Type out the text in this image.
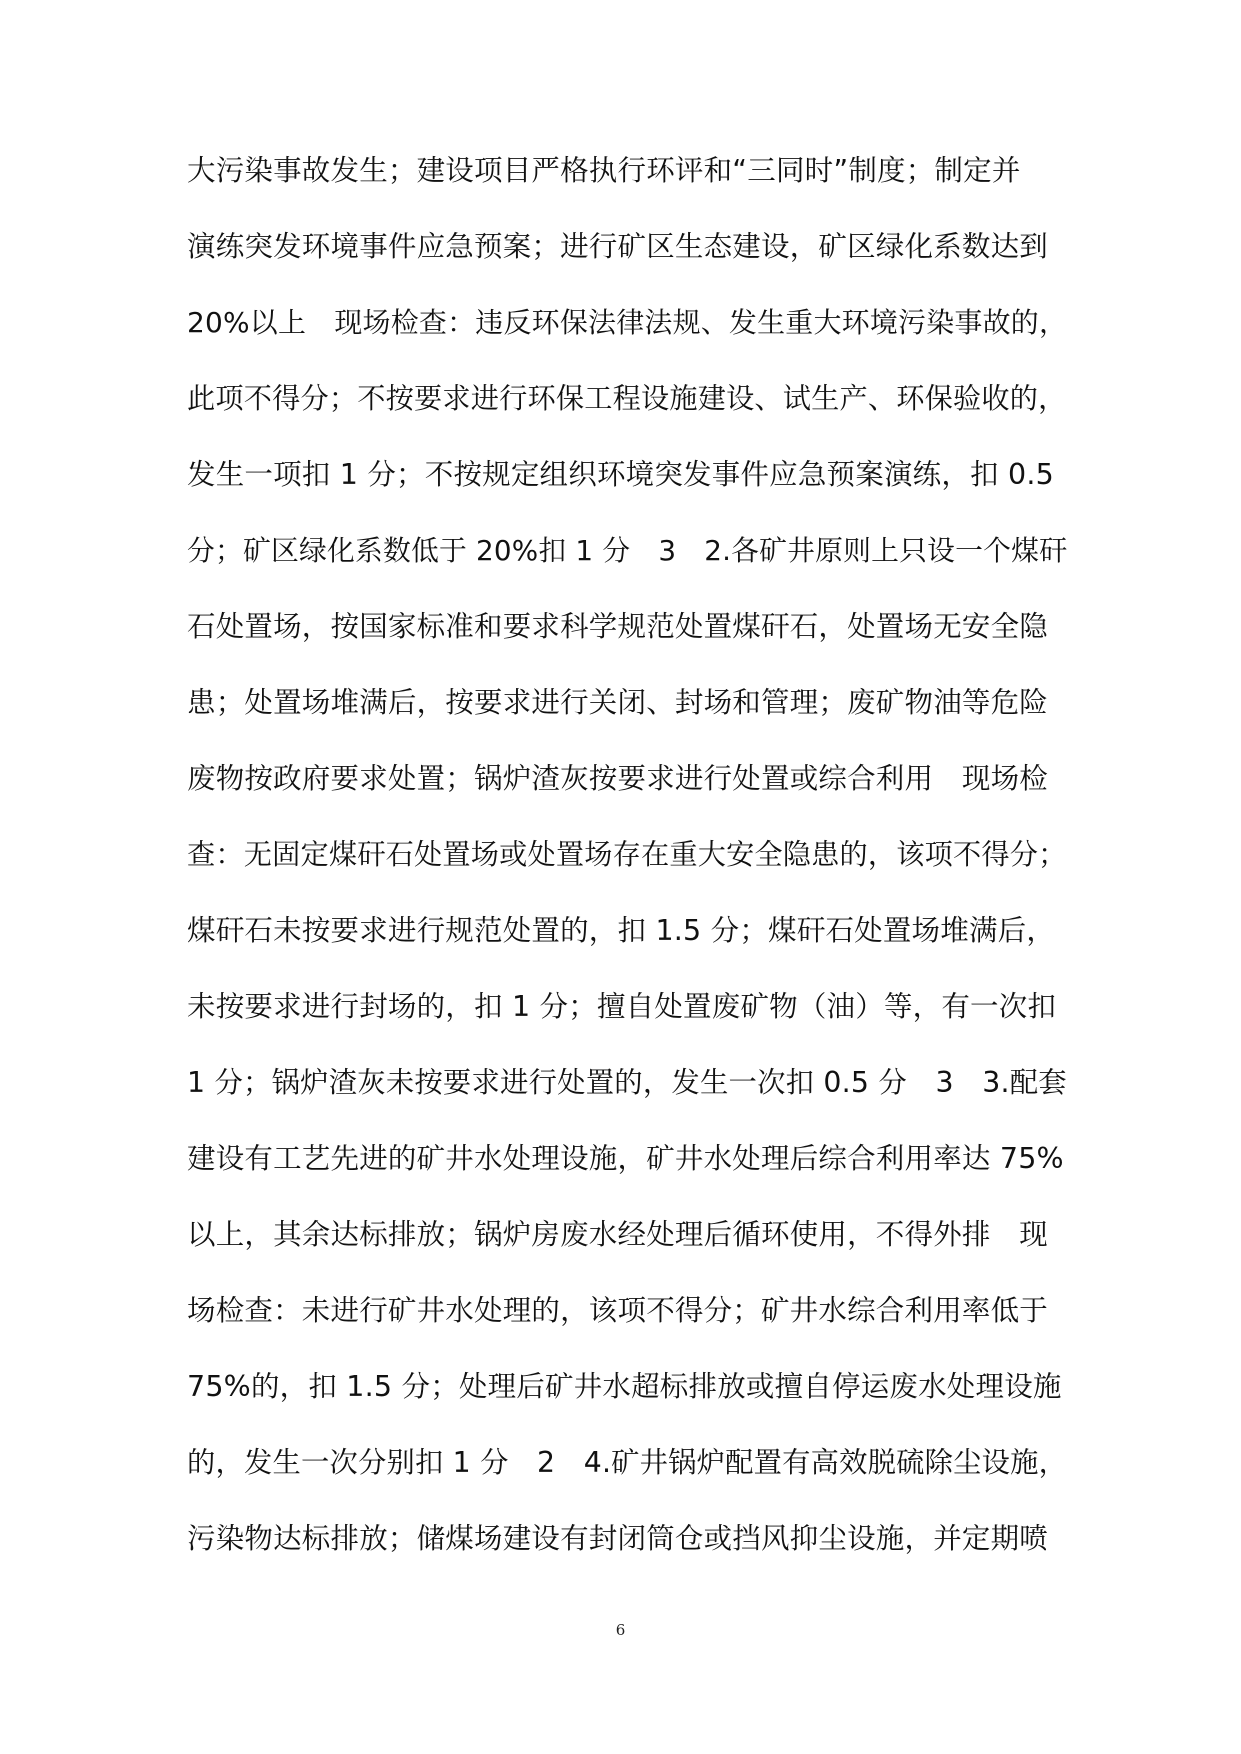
大污染事故发生；建设项目严格执行环评和“三同时”制度；制定并
演练突发环境事件应急预案；进行矿区生态建设，矿区绿化系数达到
20%以上　现场检查：违反环保法律法规、发生重大环境污染事故的，
此项不得分；不按要求进行环保工程设施建设、试生产、环保验收的，
发生一项扣 1 分；不按规定组织环境突发事件应急预案演练，扣 0.5
分；矿区绿化系数低于 20%扣 1 分　3　2.各矿井原则上只设一个煤矸
石处置场，按国家标准和要求科学规范处置煤矸石，处置场无安全隐
患；处置场堆满后，按要求进行关闭、封场和管理；废矿物油等危险
废物按政府要求处置；锅炉渣灰按要求进行处置或综合利用　现场检
查：无固定煤矸石处置场或处置场存在重大安全隐患的，该项不得分；
煤矸石未按要求进行规范处置的，扣 1.5 分；煤矸石处置场堆满后，
未按要求进行封场的，扣 1 分；擅自处置废矿物（油）等，有一次扣
1 分；锅炉渣灰未按要求进行处置的，发生一次扣 0.5 分　3　3.配套
建设有工艺先进的矿井水处理设施，矿井水处理后综合利用率达 75%
以上，其余达标排放；锅炉房废水经处理后循环使用，不得外排　现
场检查：未进行矿井水处理的，该项不得分；矿井水综合利用率低于
75%的，扣 1.5 分；处理后矿井水超标排放或擅自停运废水处理设施
的，发生一次分别扣 1 分　2　4.矿井锅炉配置有高效脱硫除尘设施，
污染物达标排放；储煤场建设有封闭筒仓或挡风抑尘设施，并定期喷
6
